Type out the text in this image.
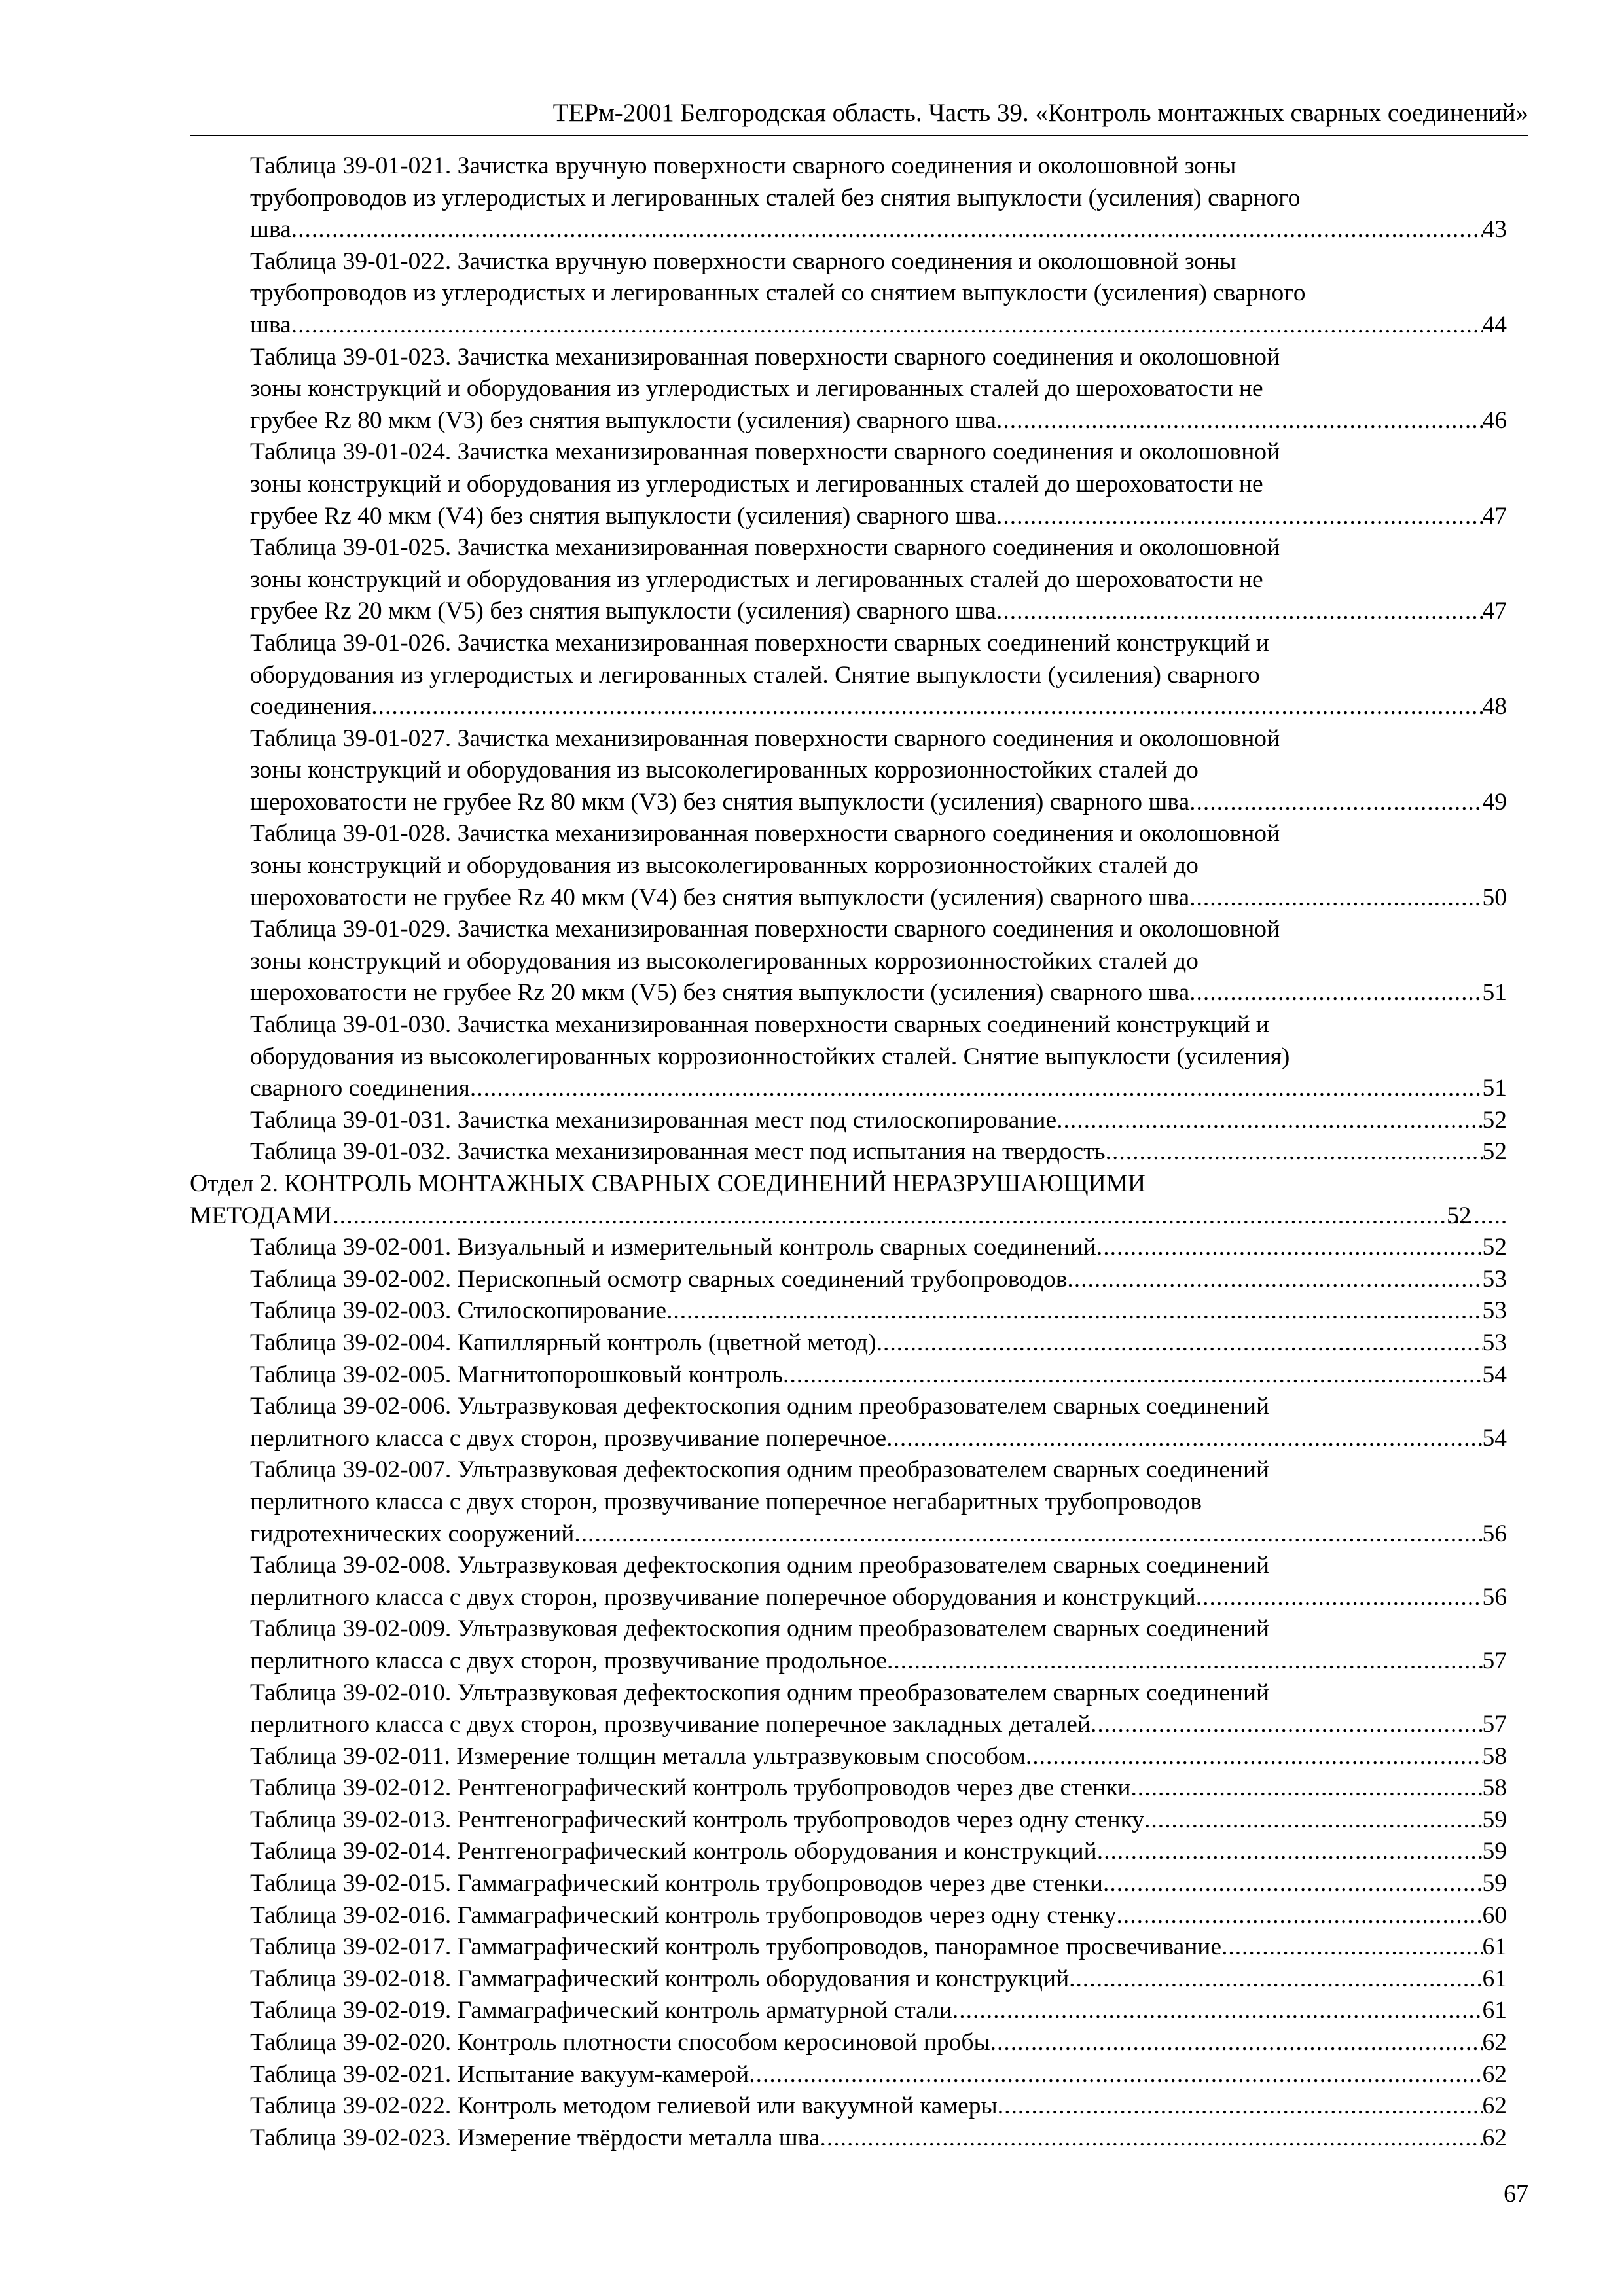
ТЕРм-2001 Белгородская область. Часть 39. «Контроль монтажных сварных соединений»
Таблица 39-01-021. Зачистка вручную поверхности сварного соединения и околошовной зоны
трубопроводов из углеродистых и легированных сталей без снятия выпуклости (усиления) сварного
шва .....	43
Таблица 39-01-022. Зачистка вручную поверхности сварного соединения и околошовной зоны
трубопроводов из углеродистых и легированных сталей со снятием выпуклости (усиления) сварного
шва .....	44
Таблица 39-01-023. Зачистка механизированная поверхности сварного соединения и околошовной
зоны конструкций и оборудования из углеродистых и легированных сталей до шероховатости не
грубее Rz 80 мкм (V3) без снятия выпуклости (усиления) сварного шва .....	46
Таблица 39-01-024. Зачистка механизированная поверхности сварного соединения и околошовной
зоны конструкций и оборудования из углеродистых и легированных сталей до шероховатости не
грубее Rz 40 мкм (V4) без снятия выпуклости (усиления) сварного шва .....	47
Таблица 39-01-025. Зачистка механизированная поверхности сварного соединения и околошовной
зоны конструкций и оборудования из углеродистых и легированных сталей до шероховатости не
грубее Rz 20 мкм (V5) без снятия выпуклости (усиления) сварного шва .....	47
Таблица 39-01-026. Зачистка механизированная поверхности сварных соединений конструкций и
оборудования из углеродистых и легированных сталей. Снятие выпуклости (усиления) сварного
соединения .....	48
Таблица 39-01-027. Зачистка механизированная поверхности сварного соединения и околошовной
зоны конструкций и оборудования из высоколегированных коррозионностойких сталей до
шероховатости не грубее Rz 80 мкм (V3) без снятия выпуклости (усиления) сварного шва .....	49
Таблица 39-01-028. Зачистка механизированная поверхности сварного соединения и околошовной
зоны конструкций и оборудования из высоколегированных коррозионностойких сталей до
шероховатости не грубее Rz 40 мкм (V4) без снятия выпуклости (усиления) сварного шва .....	50
Таблица 39-01-029. Зачистка механизированная поверхности сварного соединения и околошовной
зоны конструкций и оборудования из высоколегированных коррозионностойких сталей до
шероховатости не грубее Rz 20 мкм (V5) без снятия выпуклости (усиления) сварного шва .....	51
Таблица 39-01-030. Зачистка механизированная поверхности сварных соединений конструкций и
оборудования из высоколегированных коррозионностойких сталей. Снятие выпуклости (усиления)
сварного соединения .....	51
Таблица 39-01-031. Зачистка механизированная мест под стилоскопирование .....	52
Таблица 39-01-032. Зачистка механизированная мест под испытания на твердость .....	52
Отдел 2. КОНТРОЛЬ МОНТАЖНЫХ СВАРНЫХ СОЕДИНЕНИЙ НЕРАЗРУШАЮЩИМИ
МЕТОДАМИ .....	52
Таблица 39-02-001. Визуальный и измерительный контроль сварных соединений .....	52
Таблица 39-02-002. Перископный осмотр сварных соединений трубопроводов .....	53
Таблица 39-02-003. Стилоскопирование .....	53
Таблица 39-02-004. Капиллярный контроль (цветной метод) .....	53
Таблица 39-02-005. Магнитопорошковый контроль .....	54
Таблица 39-02-006. Ультразвуковая дефектоскопия одним преобразователем сварных соединений
перлитного класса с двух сторон, прозвучивание поперечное .....	54
Таблица 39-02-007. Ультразвуковая дефектоскопия одним преобразователем сварных соединений
перлитного класса с двух сторон, прозвучивание поперечное негабаритных трубопроводов
гидротехнических сооружений .....	56
Таблица 39-02-008. Ультразвуковая дефектоскопия одним преобразователем сварных соединений
перлитного класса с двух сторон, прозвучивание поперечное оборудования и конструкций .....	56
Таблица 39-02-009. Ультразвуковая дефектоскопия одним преобразователем сварных соединений
перлитного класса с двух сторон, прозвучивание продольное .....	57
Таблица 39-02-010. Ультразвуковая дефектоскопия одним преобразователем сварных соединений
перлитного класса с двух сторон, прозвучивание поперечное закладных деталей .....	57
Таблица 39-02-011. Измерение толщин металла ультразвуковым способом .....	58
Таблица 39-02-012. Рентгенографический контроль трубопроводов через две стенки .....	58
Таблица 39-02-013. Рентгенографический контроль трубопроводов через одну стенку .....	59
Таблица 39-02-014. Рентгенографический контроль оборудования и конструкций .....	59
Таблица 39-02-015. Гаммаграфический контроль трубопроводов через две стенки .....	59
Таблица 39-02-016. Гаммаграфический контроль трубопроводов через одну стенку .....	60
Таблица 39-02-017. Гаммаграфический контроль трубопроводов, панорамное просвечивание .....	61
Таблица 39-02-018. Гаммаграфический контроль оборудования и конструкций .....	61
Таблица 39-02-019. Гаммаграфический контроль арматурной стали .....	61
Таблица 39-02-020. Контроль плотности способом керосиновой пробы .....	62
Таблица 39-02-021. Испытание вакуум-камерой .....	62
Таблица 39-02-022. Контроль методом гелиевой или вакуумной камеры .....	62
Таблица 39-02-023. Измерение твёрдости металла шва .....	62
67
